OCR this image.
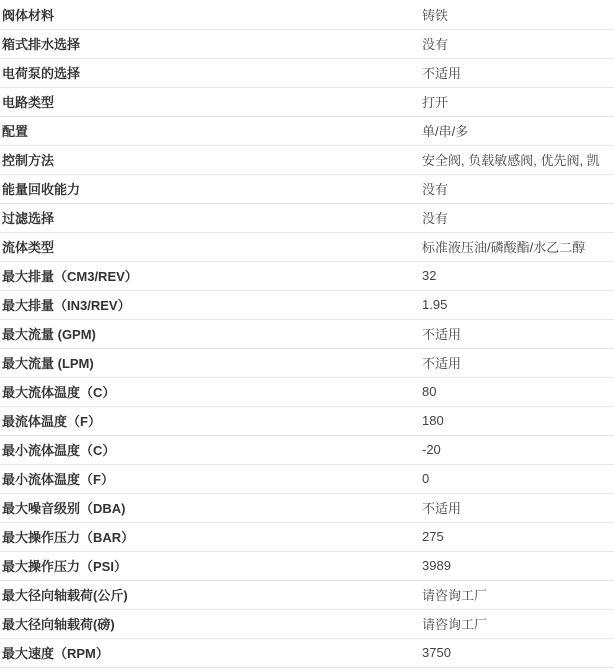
阀体材料	铸铁
箱式排水选择	没有
电荷泵的选择	不适用
电路类型	打开
配置	单/串/多
控制方法	安全阀, 负载敏感阀, 优先阀, 凯
能量回收能力	没有
过滤选择	没有
流体类型	标准液压油/磷酸酯/水乙二醇
最大排量（CM3/REV）	32
最大排量（IN3/REV）	1.95
最大流量 (GPM)	不适用
最大流量 (LPM)	不适用
最大流体温度（C）	80
最流体温度（F）	180
最小流体温度（C）	-20
最小流体温度（F）	0
最大噪音级别（DBA)	不适用
最大操作压力（BAR）	275
最大操作压力（PSI）	3989
最大径向轴载荷(公斤)	请咨询工厂
最大径向轴载荷(磅)	请咨询工厂
最大速度（RPM）	3750
